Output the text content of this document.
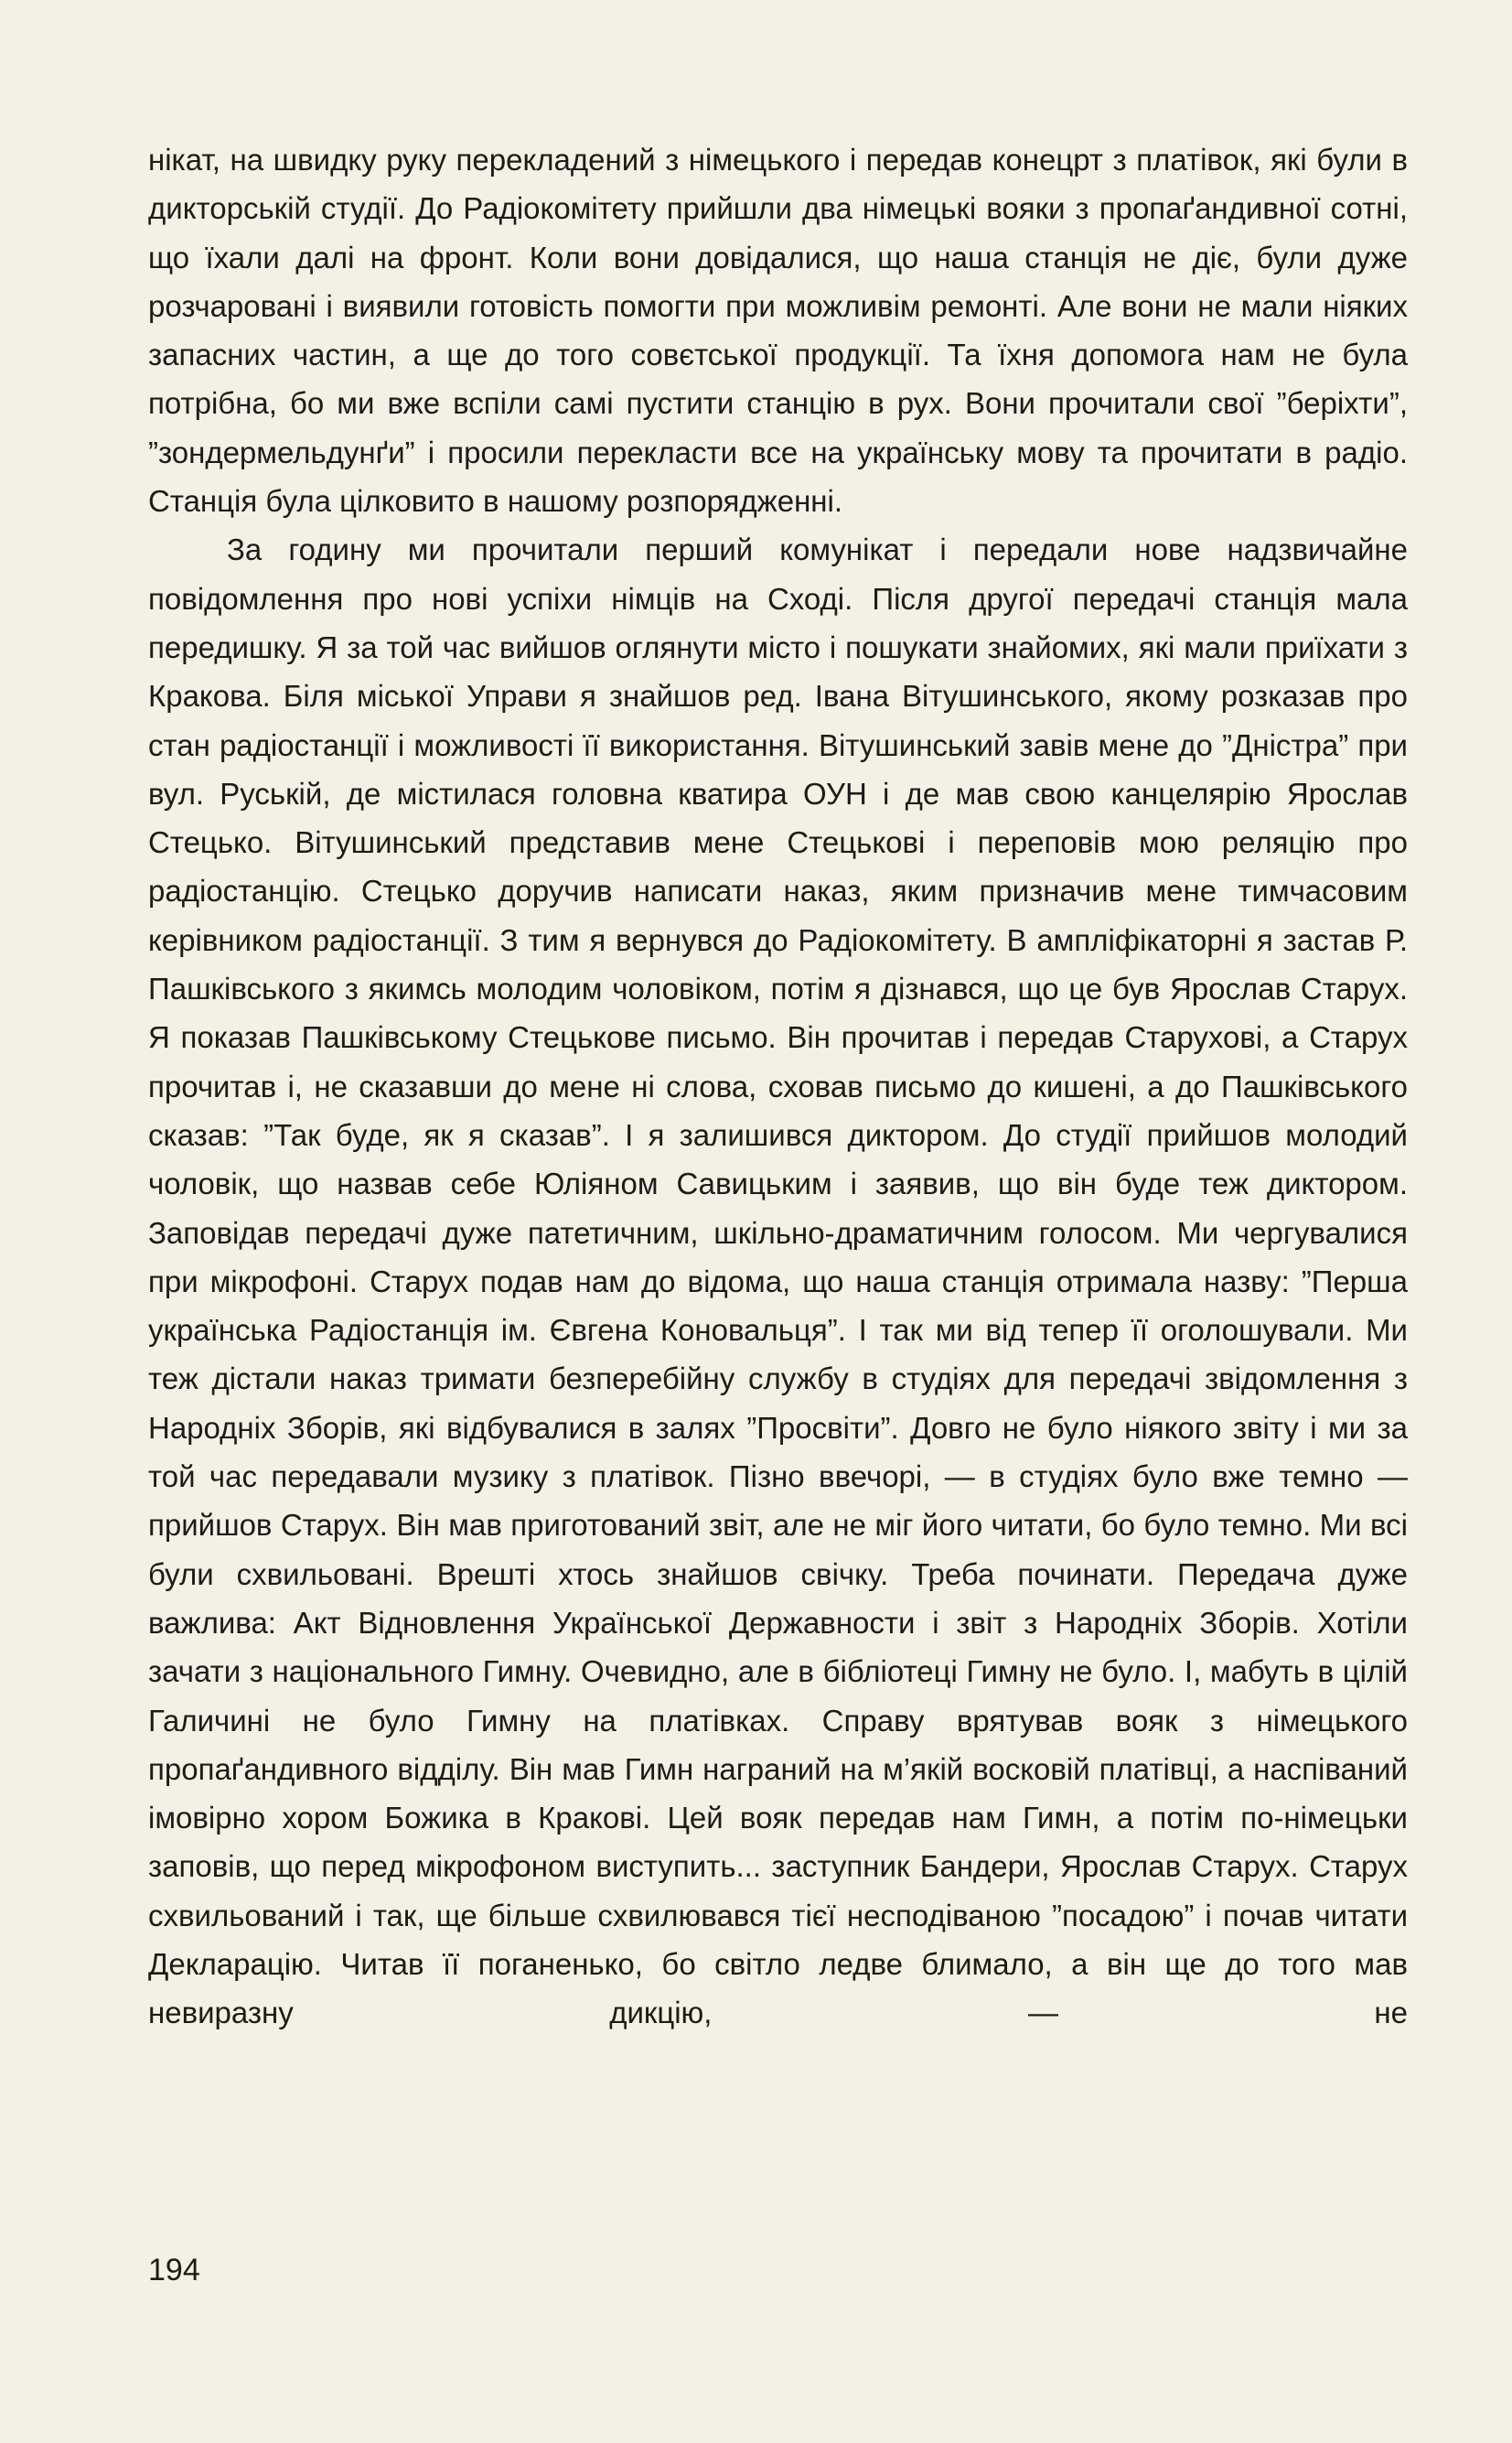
нікат, на швидку руку перекладений з німецького і передав конецрт з платівок, які були в дикторській студії. До Радіокомітету прийшли два німецькі вояки з пропаґандивної сотні, що їхали далі на фронт. Коли вони довідалися, що наша станція не діє, були дуже розчаровані і виявили готовість помогти при можливім ремонті. Але вони не мали ніяких запасних частин, а ще до того совєтської продукції. Та їхня допомога нам не була потрібна, бо ми вже вспіли самі пустити станцію в рух. Вони прочитали свої ”беріхти”, ”зондермельдунґи” і просили перекласти все на українську мову та прочитати в радіо. Станція була цілковито в нашому розпорядженні.

За годину ми прочитали перший комунікат і передали нове надзвичайне повідомлення про нові успіхи німців на Сході. Після другої передачі станція мала передишку. Я за той час вийшов оглянути місто і пошукати знайомих, які мали приїхати з Кракова. Біля міської Управи я знайшов ред. Івана Вітушинського, якому розказав про стан радіостанції і можливості її використання. Вітушинський завів мене до ”Дністра” при вул. Руській, де містилася головна кватира ОУН і де мав свою канцелярію Ярослав Стецько. Вітушинський представив мене Стецькові і переповів мою реляцію про радіостанцію. Стецько доручив написати наказ, яким призначив мене тимчасовим керівником радіостанції. З тим я вернувся до Радіокомітету. В ампліфікаторні я застав Р. Пашківського з якимсь молодим чоловіком, потім я дізнався, що це був Ярослав Старух. Я показав Пашківському Стецькове письмо. Він прочитав і передав Старухові, а Старух прочитав і, не сказавши до мене ні слова, сховав письмо до кишені, а до Пашківського сказав: ”Так буде, як я сказав”. І я залишився диктором. До студії прийшов молодий чоловік, що назвав себе Юліяном Савицьким і заявив, що він буде теж диктором. Заповідав передачі дуже патетичним, шкільно-драматичним голосом. Ми чергувалися при мікрофоні. Старух подав нам до відома, що наша станція отримала назву: ”Перша українська Радіостанція ім. Євгена Коновальця”. І так ми від тепер її оголошували. Ми теж дістали наказ тримати безперебійну службу в студіях для передачі звідомлення з Народніх Зборів, які відбувалися в залях ”Просвіти”. Довго не було ніякого звіту і ми за той час передавали музику з платівок. Пізно ввечорі, — в студіях було вже темно — прийшов Старух. Він мав приготований звіт, але не міг його читати, бо було темно. Ми всі були схвильовані. Врешті хтось знайшов свічку. Треба починати. Передача дуже важлива: Акт Відновлення Української Державности і звіт з Народніх Зборів. Хотіли зачати з національного Гимну. Очевидно, але в бібліотеці Гимну не було. І, мабуть в цілій Галичині не було Гимну на платівках. Справу врятував вояк з німецького пропаґандивного відділу. Він мав Гимн награний на м’якій восковій платівці, а наспіваний імовірно хором Божика в Кракові. Цей вояк передав нам Гимн, а потім по-німецьки заповів, що перед мікрофоном виступить... заступник Бандери, Ярослав Старух. Старух схвильований і так, ще більше схвилювався тієї несподіваною ”посадою” і почав читати Декларацію. Читав її поганенько, бо світло ледве блимало, а він ще до того мав невиразну дикцію, — не

194
